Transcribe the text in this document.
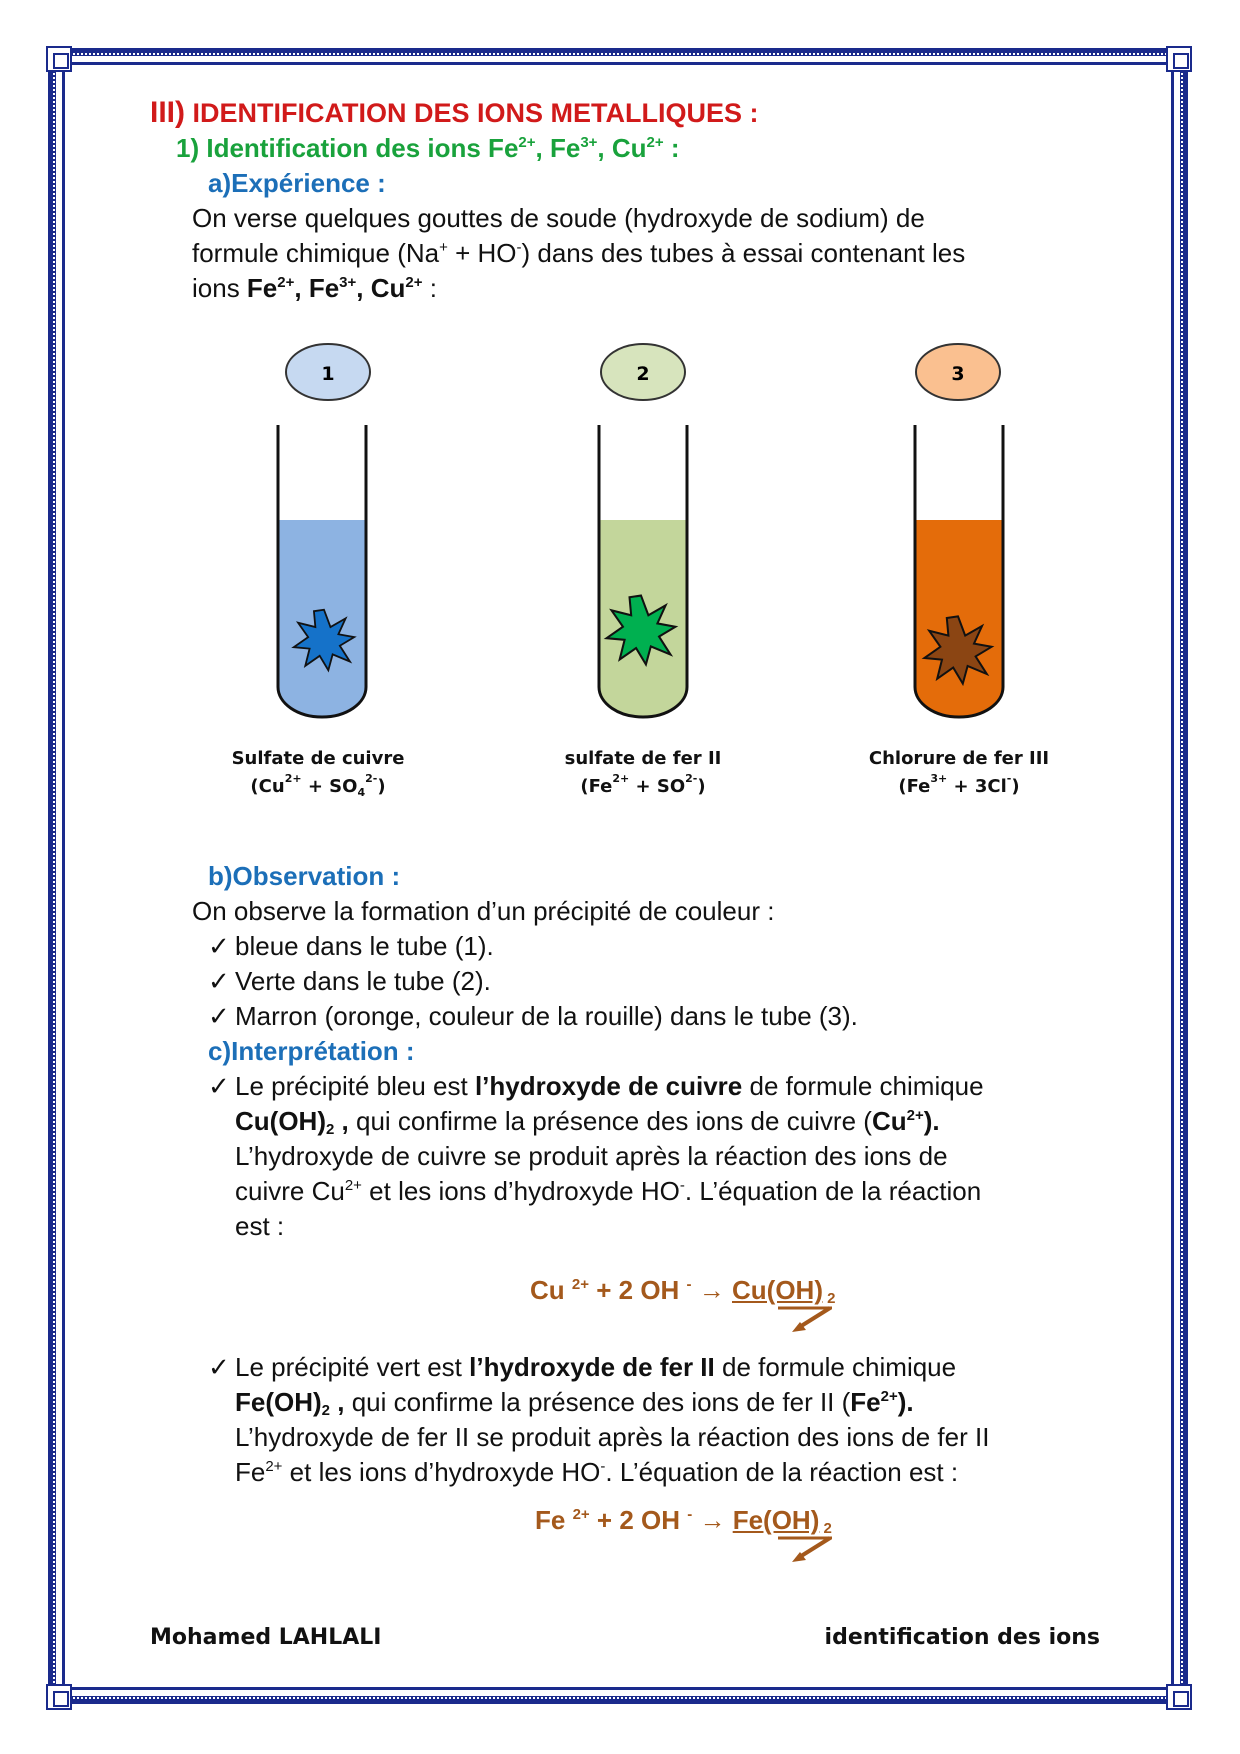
III) IDENTIFICATION DES IONS METALLIQUES :
1) Identification des ions $Fe^{2+}$, $Fe^{3+}$, $Cu^{2+}$ :
a)Expérience :
On verse quelques gouttes de soude (hydroxyde de sodium) de
formule chimique (Na+ + HO-) dans des tubes à essai contenant les
ions $Fe^{2+}$, $Fe^{3+}$, $Cu^{2+}$ :
1	2	3
Sulfate de cuivre
$(Cu^{2+} + SO_4^{2-})$
sulfate de fer II
$(Fe^{2+} + SO^{2-})$
Chlorure de fer III
$(Fe^{3+} + 3Cl^-)$
b)Observation :
On observe la formation d’un précipité de couleur :
✓ bleue dans le tube (1).
✓ Verte dans le tube (2).
✓ Marron (oronge, couleur de la rouille) dans le tube (3).
c)Interprétation :
✓ Le précipité bleu est l’hydroxyde de cuivre de formule chimique
$Cu(OH)_2$ , qui confirme la présence des ions de cuivre $(Cu^{2+})$.
L’hydroxyde de cuivre se produit après la réaction des ions de
cuivre $Cu^{2+}$ et les ions d’hydroxyde HO-. L’équation de la réaction
est :
Cu $^{2+}$ + 2 OH - → Cu(OH) $_2$
✓ Le précipité vert est l’hydroxyde de fer II de formule chimique
$Fe(OH)_2$ , qui confirme la présence des ions de fer II $(Fe^{2+})$.
L’hydroxyde de fer II se produit après la réaction des ions de fer II
$Fe^{2+}$ et les ions d’hydroxyde HO-. L’équation de la réaction est :
Fe $^{2+}$ + 2 OH - → Fe(OH) $_2$
Mohamed LAHLALI	identification des ions
